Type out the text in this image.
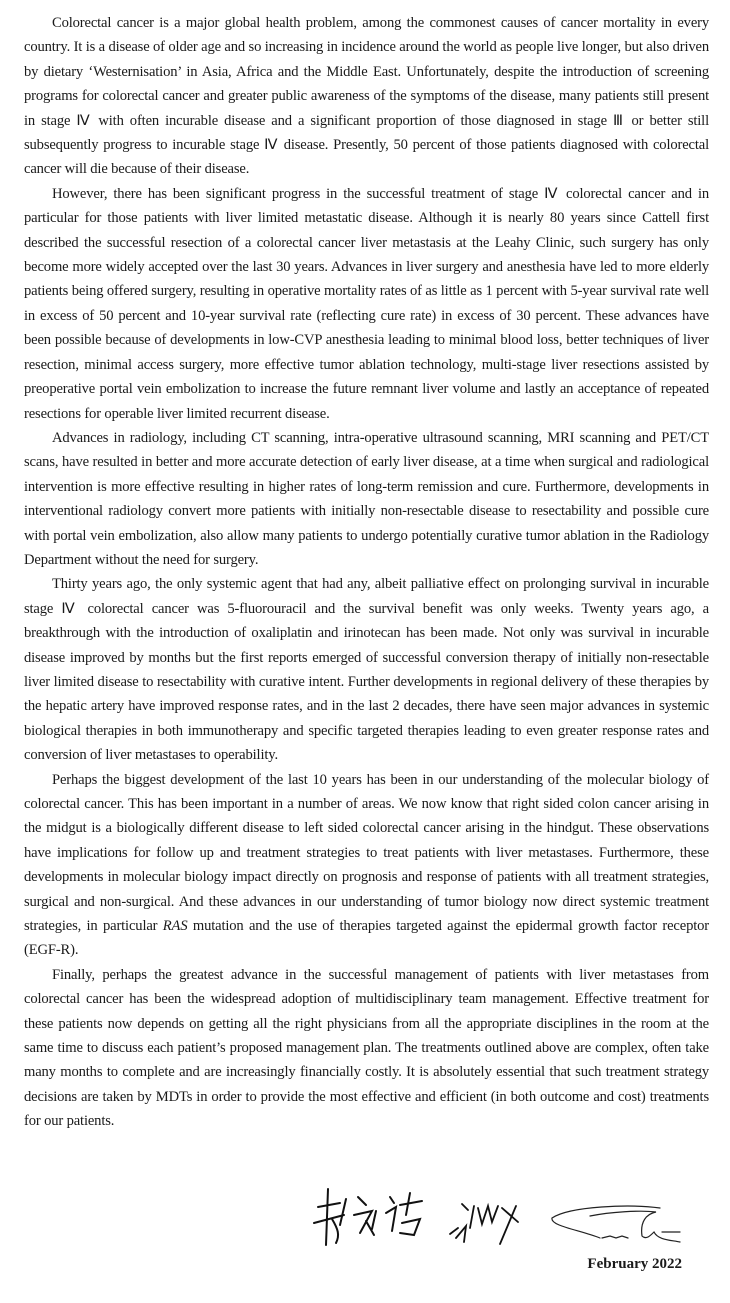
Colorectal cancer is a major global health problem, among the commonest causes of cancer mortality in every country. It is a disease of older age and so increasing in incidence around the world as people live longer, but also driven by dietary ‘Westernisation’ in Asia, Africa and the Middle East. Unfortunately, despite the introduction of screening programs for colorectal cancer and greater public awareness of the symptoms of the disease, many patients still present in stage Ⅳ with often incurable disease and a significant proportion of those diagnosed in stage Ⅲ or better still subsequently progress to incurable stage Ⅳ disease. Presently, 50 percent of those patients diagnosed with colorectal cancer will die because of their disease.

However, there has been significant progress in the successful treatment of stage Ⅳ colorectal cancer and in particular for those patients with liver limited metastatic disease. Although it is nearly 80 years since Cattell first described the successful resection of a colorectal cancer liver metastasis at the Leahy Clinic, such surgery has only become more widely accepted over the last 30 years. Advances in liver surgery and anesthesia have led to more elderly patients being offered surgery, resulting in operative mortality rates of as little as 1 percent with 5-year survival rate well in excess of 50 percent and 10-year survival rate (reflecting cure rate) in excess of 30 percent. These advances have been possible because of developments in low-CVP anesthesia leading to minimal blood loss, better techniques of liver resection, minimal access surgery, more effective tumor ablation technology, multi-stage liver resections assisted by preoperative portal vein embolization to increase the future remnant liver volume and lastly an acceptance of repeated resections for operable liver limited recurrent disease.

Advances in radiology, including CT scanning, intra-operative ultrasound scanning, MRI scanning and PET/CT scans, have resulted in better and more accurate detection of early liver disease, at a time when surgical and radiological intervention is more effective resulting in higher rates of long-term remission and cure. Furthermore, developments in interventional radiology convert more patients with initially non-resectable disease to resectability and possible cure with portal vein embolization, also allow many patients to undergo potentially curative tumor ablation in the Radiology Department without the need for surgery.

Thirty years ago, the only systemic agent that had any, albeit palliative effect on prolonging survival in incurable stage Ⅳ colorectal cancer was 5-fluorouracil and the survival benefit was only weeks. Twenty years ago, a breakthrough with the introduction of oxaliplatin and irinotecan has been made. Not only was survival in incurable disease improved by months but the first reports emerged of successful conversion therapy of initially non-resectable liver limited disease to resectability with curative intent. Further developments in regional delivery of these therapies by the hepatic artery have improved response rates, and in the last 2 decades, there have seen major advances in systemic biological therapies in both immunotherapy and specific targeted therapies leading to even greater response rates and conversion of liver metastases to operability.

Perhaps the biggest development of the last 10 years has been in our understanding of the molecular biology of colorectal cancer. This has been important in a number of areas. We now know that right sided colon cancer arising in the midgut is a biologically different disease to left sided colorectal cancer arising in the hindgut. These observations have implications for follow up and treatment strategies to treat patients with liver metastases. Furthermore, these developments in molecular biology impact directly on prognosis and response of patients with all treatment strategies, surgical and non-surgical. And these advances in our understanding of tumor biology now direct systemic treatment strategies, in particular RAS mutation and the use of therapies targeted against the epidermal growth factor receptor (EGF-R).

Finally, perhaps the greatest advance in the successful management of patients with liver metastases from colorectal cancer has been the widespread adoption of multidisciplinary team management. Effective treatment for these patients now depends on getting all the right physicians from all the appropriate disciplines in the room at the same time to discuss each patient’s proposed management plan. The treatments outlined above are complex, often take many months to complete and are increasingly financially costly. It is absolutely essential that such treatment strategy decisions are taken by MDTs in order to provide the most effective and efficient (in both outcome and cost) treatments for our patients.

February 2022
